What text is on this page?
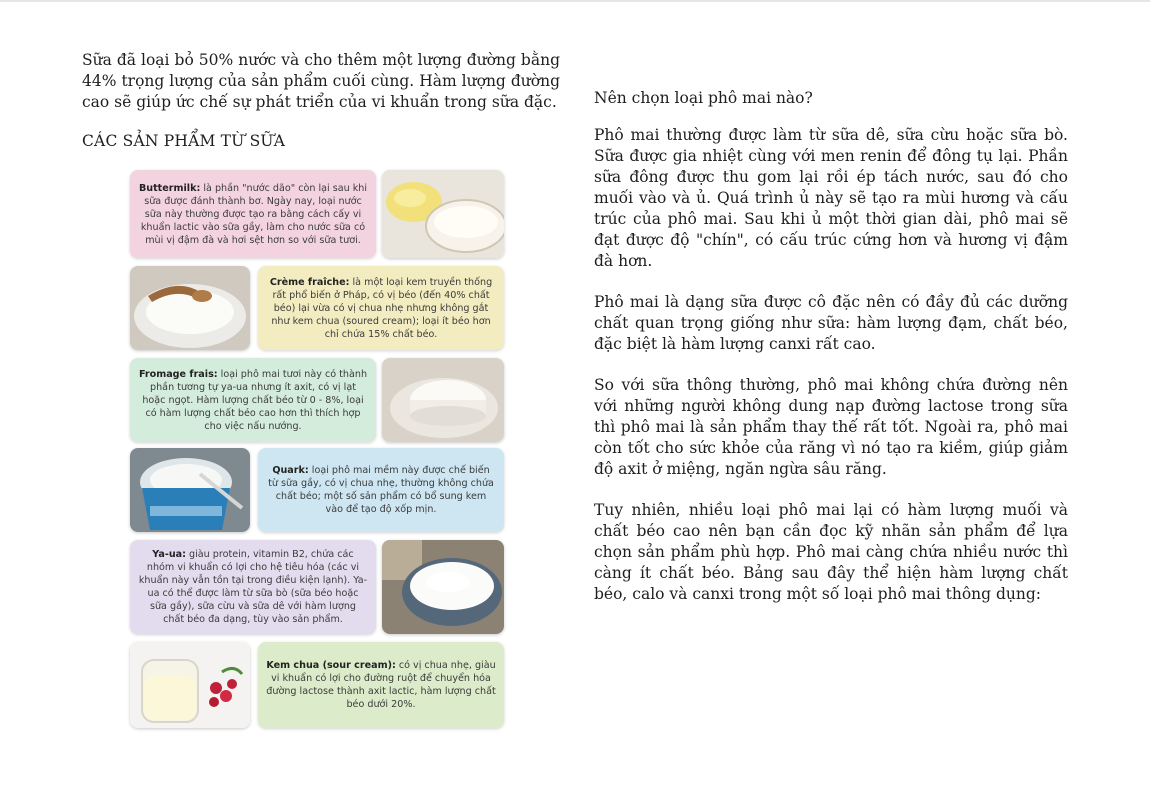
Sữa đã loại bỏ 50% nước và cho thêm một lượng đường bằng 44% trọng lượng của sản phẩm cuối cùng. Hàm lượng đường cao sẽ giúp ức chế sự phát triển của vi khuẩn trong sữa đặc.

CÁC SẢN PHẨM TỪ SỮA
Buttermilk: là phần "nước dão" còn lại sau khi sữa được đánh thành bơ. Ngày nay, loại nước sữa này thường được tạo ra bằng cách cấy vi khuẩn lactic vào sữa gầy, làm cho nước sữa có mùi vị đậm đà và hơi sệt hơn so với sữa tươi.
Crème fraîche: là một loại kem truyền thống rất phổ biến ở Pháp, có vị béo (đến 40% chất béo) lại vừa có vị chua nhẹ nhưng không gắt như kem chua (soured cream); loại ít béo hơn chỉ chứa 15% chất béo.
Fromage frais: loại phô mai tươi này có thành phần tương tự ya-ua nhưng ít axit, có vị lạt hoặc ngọt. Hàm lượng chất béo từ 0 - 8%, loại có hàm lượng chất béo cao hơn thì thích hợp cho việc nấu nướng.
Quark: loại phô mai mềm này được chế biến từ sữa gầy, có vị chua nhẹ, thường không chứa chất béo; một số sản phẩm có bổ sung kem vào để tạo độ xốp mịn.
Ya-ua: giàu protein, vitamin B2, chứa các nhóm vi khuẩn có lợi cho hệ tiêu hóa (các vi khuẩn này vẫn tồn tại trong điều kiện lạnh). Ya-ua có thể được làm từ sữa bò (sữa béo hoặc sữa gầy), sữa cừu và sữa dê với hàm lượng chất béo đa dạng, tùy vào sản phẩm.
Kem chua (sour cream): có vị chua nhẹ, giàu vi khuẩn có lợi cho đường ruột để chuyển hóa đường lactose thành axit lactic, hàm lượng chất béo dưới 20%.

Nên chọn loại phô mai nào?

Phô mai thường được làm từ sữa dê, sữa cừu hoặc sữa bò. Sữa được gia nhiệt cùng với men renin để đông tụ lại. Phần sữa đông được thu gom lại rồi ép tách nước, sau đó cho muối vào và ủ. Quá trình ủ này sẽ tạo ra mùi hương và cấu trúc của phô mai. Sau khi ủ một thời gian dài, phô mai sẽ đạt được độ "chín", có cấu trúc cứng hơn và hương vị đậm đà hơn.

Phô mai là dạng sữa được cô đặc nên có đầy đủ các dưỡng chất quan trọng giống như sữa: hàm lượng đạm, chất béo, đặc biệt là hàm lượng canxi rất cao.

So với sữa thông thường, phô mai không chứa đường nên với những người không dung nạp đường lactose trong sữa thì phô mai là sản phẩm thay thế rất tốt. Ngoài ra, phô mai còn tốt cho sức khỏe của răng vì nó tạo ra kiềm, giúp giảm độ axit ở miệng, ngăn ngừa sâu răng.

Tuy nhiên, nhiều loại phô mai lại có hàm lượng muối và chất béo cao nên bạn cần đọc kỹ nhãn sản phẩm để lựa chọn sản phẩm phù hợp. Phô mai càng chứa nhiều nước thì càng ít chất béo. Bảng sau đây thể hiện hàm lượng chất béo, calo và canxi trong một số loại phô mai thông dụng:
